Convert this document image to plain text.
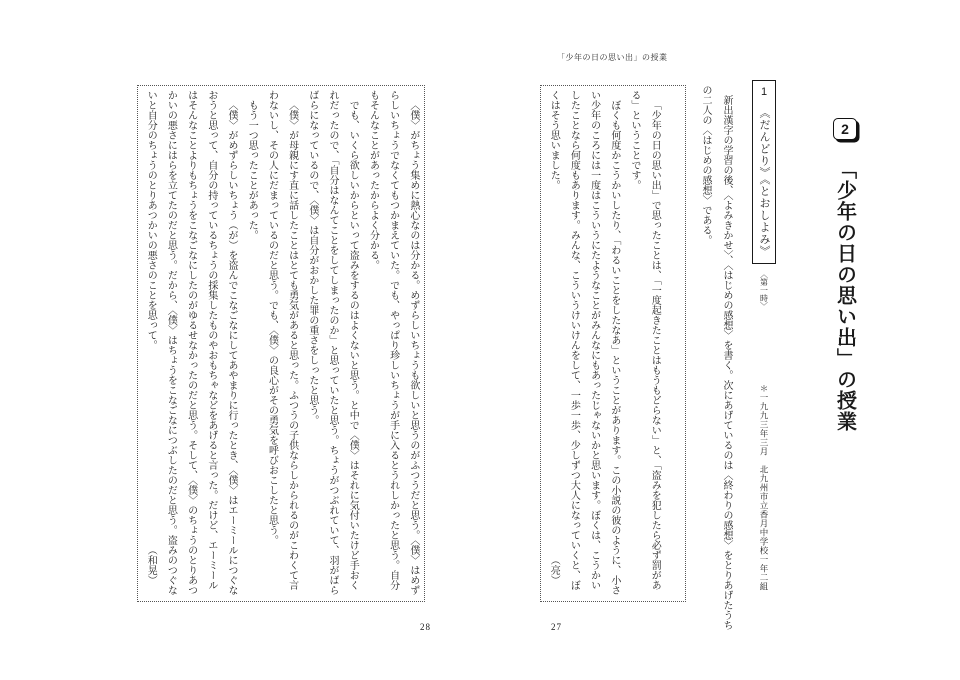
「少年の日の思い出」の授業
2
「少年の日の思い出」の授業
1
《だんどり》《とおしよみ》
〈第一時〉
＊一九九三年三月　北九州市立香月中学校一年二組

新出漢字の学習の後、〈よみきかせ〉、〈はじめの感想〉を書く。次にあげているのは〈終わりの感想〉をとりあげたうちの二人の〈はじめの感想〉である。

「少年の日の思い出」で思ったことは、「一度起きたことはもうもどらない」と、「盗みを犯したら必ず罰がある」ということです。

ぼくも何度かこうかいしたり、「わるいことをしたなあ」ということがあります。この小説の彼のように、小さい少年のころには一度はこういうにたようなことがみんなにもあったじゃないかと思います。ぼくは、こうかいしたことなら何度もあります。みんな、こういうけいけんをして、一歩一歩、少しずつ大人になっていくと、ぼくはそう思いました。

（亮）

〈僕〉がちょう集めに熱心なのは分かる。めずらしいちょうも欲しいと思うのがふつうだと思う。〈僕〉はめずらしいちょうでなくてもつかまえていた。でも、やっぱり珍しいちょうが手に入るとうれしかったと思う。自分もそんなことがあったからよく分かる。

でも、いくら欲しいからといって盗みをするのはよくないと思う。と中で〈僕〉はそれに気付いたけど手おくれだったので、「自分はなんてことをしてしまったのか」と思っていたと思う。ちょうがつぶれていて、羽がばらばらになっているので、〈僕〉は自分がおかした罪の重さをしったと思う。

〈僕〉が母親にす直に話したことはとても勇気があると思った。ふつうの子供ならしかられるのがこわくて言わないし、その人にだまっているのだと思う。でも、〈僕〉の良心がその勇気を呼びおこしたと思う。

もう一つ思ったことがあった。

〈僕〉がめずらしいちょう（が）を盗んでこなごなにしてあやまりに行ったとき、〈僕〉はエーミールにつぐなおうと思って、自分の持っているちょうの採集したものやおもちゃなどをあげると言った。だけど、エーミールはそんなことよりもちょうをこなごなにしたのがゆるせなかったのだと思う。そして、〈僕〉のちょうのとりあつかいの悪さにはらを立てたのだと思う。だから、〈僕〉はちょうをこなごなにつぶしたのだと思う。盗みのつぐないと自分のちょうのとりあつかいの悪さのことを思って。

（和晃）

28	27
